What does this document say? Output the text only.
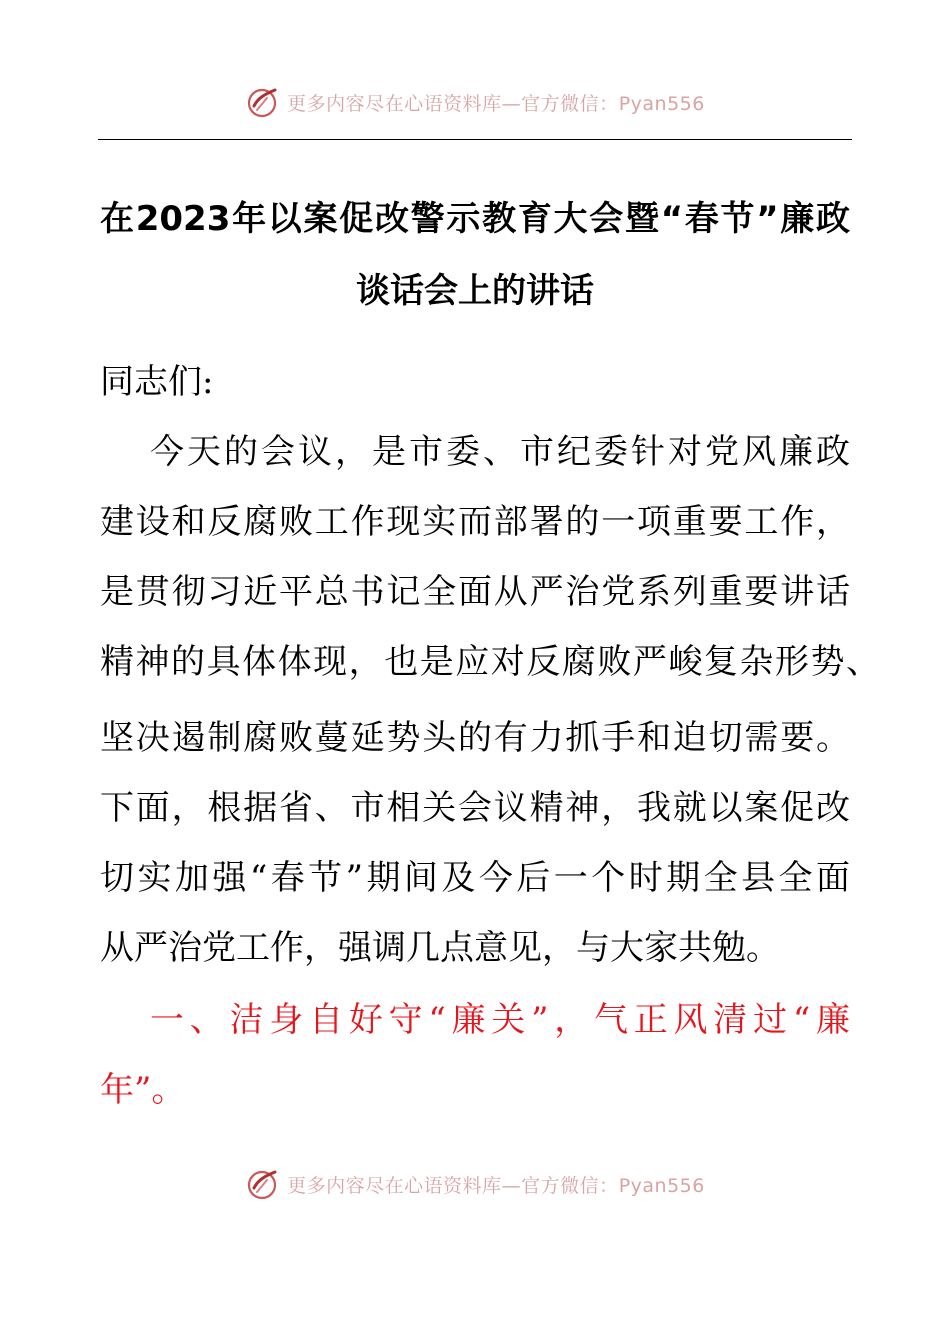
更多内容尽在心语资料库—官方微信：Pyan556
在2023年以案促改警示教育大会暨“春节”廉政
谈话会上的讲话
同志们:
今天的会议，是市委、市纪委针对党风廉政
建设和反腐败工作现实而部署的一项重要工作，
是贯彻习近平总书记全面从严治党系列重要讲话
精神的具体体现，也是应对反腐败严峻复杂形势、
坚决遏制腐败蔓延势头的有力抓手和迫切需要。
下面，根据省、市相关会议精神，我就以案促改
切实加强“春节”期间及今后一个时期全县全面
从严治党工作，强调几点意见，与大家共勉。
一、洁身自好守“廉关”，气正风清过“廉
年”。
更多内容尽在心语资料库—官方微信：Pyan556
